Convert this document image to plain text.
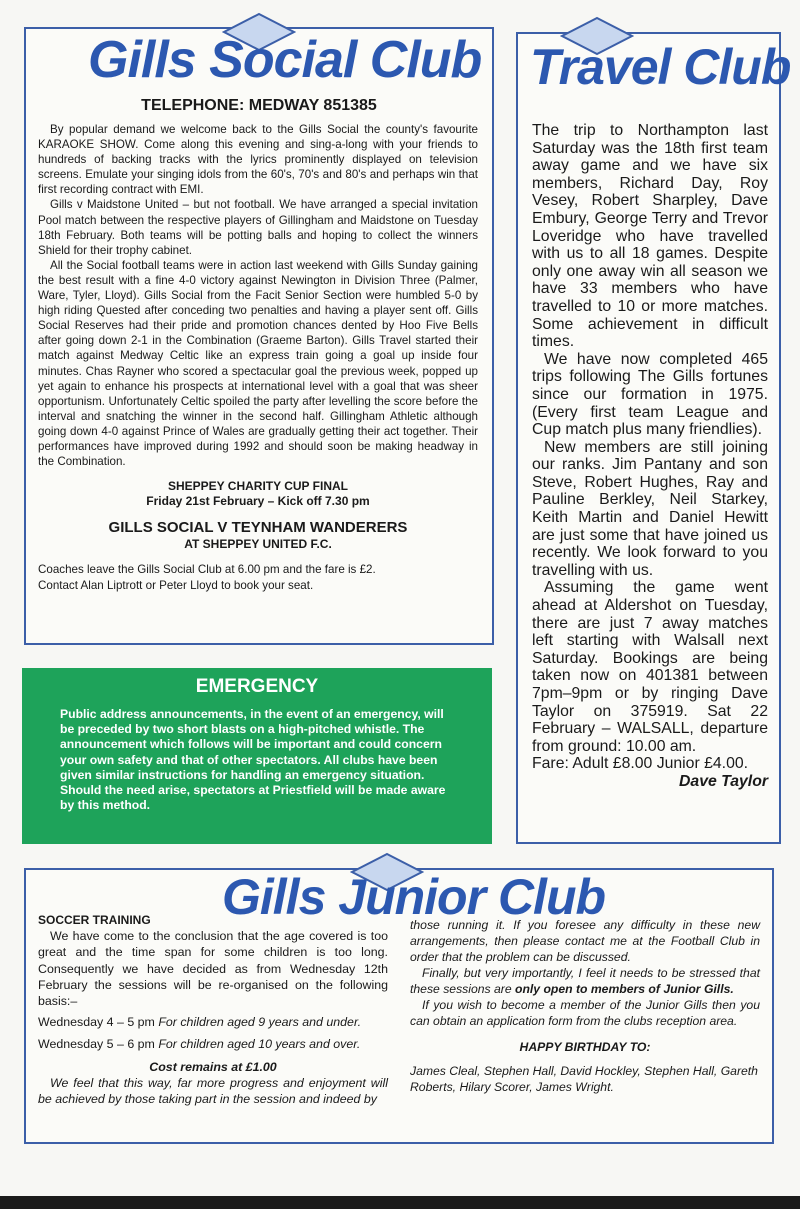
Gills Social Club
TELEPHONE: MEDWAY 851385

By popular demand we welcome back to the Gills Social the county's favourite KARAOKE SHOW. Come along this evening and sing-a-long with your friends to hundreds of backing tracks with the lyrics prominently displayed on television screens. Emulate your singing idols from the 60's, 70's and 80's and perhaps win that first recording contract with EMI.

Gills v Maidstone United – but not football. We have arranged a special invitation Pool match between the respective players of Gillingham and Maidstone on Tuesday 18th February. Both teams will be potting balls and hoping to collect the winners Shield for their trophy cabinet.

All the Social football teams were in action last weekend with Gills Sunday gaining the best result with a fine 4-0 victory against Newington in Division Three (Palmer, Ware, Tyler, Lloyd). Gills Social from the Facit Senior Section were humbled 5-0 by high riding Quested after conceding two penalties and having a player sent off. Gills Social Reserves had their pride and promotion chances dented by Hoo Five Bells after going down 2-1 in the Combination (Graeme Barton). Gills Travel started their match against Medway Celtic like an express train going a goal up inside four minutes. Chas Rayner who scored a spectacular goal the previous week, popped up yet again to enhance his prospects at international level with a goal that was sheer opportunism. Unfortunately Celtic spoiled the party after levelling the score before the interval and snatching the winner in the second half. Gillingham Athletic although going down 4-0 against Prince of Wales are gradually getting their act together. Their performances have improved during 1992 and should soon be making headway in the Combination.

SHEPPEY CHARITY CUP FINAL

Friday 21st February – Kick off 7.30 pm

GILLS SOCIAL V TEYNHAM WANDERERS

AT SHEPPEY UNITED F.C.

Coaches leave the Gills Social Club at 6.00 pm and the fare is £2.

Contact Alan Liptrott or Peter Lloyd to book your seat.

EMERGENCY
Public address announcements, in the event of an emergency, will be preceded by two short blasts on a high-pitched whistle. The announcement which follows will be important and could concern your own safety and that of other spectators. All clubs have been given similar instructions for handling an emergency situation. Should the need arise, spectators at Priestfield will be made aware by this method.
Travel Club

The trip to Northampton last Saturday was the 18th first team away game and we have six members, Richard Day, Roy Vesey, Robert Sharpley, Dave Embury, George Terry and Trevor Loveridge who have travelled with us to all 18 games. Despite only one away win all season we have 33 members who have travelled to 10 or more matches. Some achievement in difficult times.

We have now completed 465 trips following The Gills fortunes since our formation in 1975. (Every first team League and Cup match plus many friendlies).

New members are still joining our ranks. Jim Pantany and son Steve, Robert Hughes, Ray and Pauline Berkley, Neil Starkey, Keith Martin and Daniel Hewitt are just some that have joined us recently. We look forward to you travelling with us.

Assuming the game went ahead at Aldershot on Tuesday, there are just 7 away matches left starting with Walsall next Saturday. Bookings are being taken now on 401381 between 7pm–9pm or by ringing Dave Taylor on 375919. Sat 22 February – WALSALL, departure from ground: 10.00 am.

Fare: Adult £8.00 Junior £4.00.

Dave Taylor

Gills Junior Club

SOCCER TRAINING

We have come to the conclusion that the age covered is too great and the time span for some children is too long. Consequently we have decided as from Wednesday 12th February the sessions will be re-organised on the following basis:–

Wednesday 4 – 5 pm For children aged 9 years and under.

Wednesday 5 – 6 pm For children aged 10 years and over.

Cost remains at £1.00

We feel that this way, far more progress and enjoyment will be achieved by those taking part in the session and indeed by

those running it. If you foresee any difficulty in these new arrangements, then please contact me at the Football Club in order that the problem can be discussed.

Finally, but very importantly, I feel it needs to be stressed that these sessions are only open to members of Junior Gills.

If you wish to become a member of the Junior Gills then you can obtain an application form from the clubs reception area.

HAPPY BIRTHDAY TO:

James Cleal, Stephen Hall, David Hockley, Stephen Hall, Gareth Roberts, Hilary Scorer, James Wright.
